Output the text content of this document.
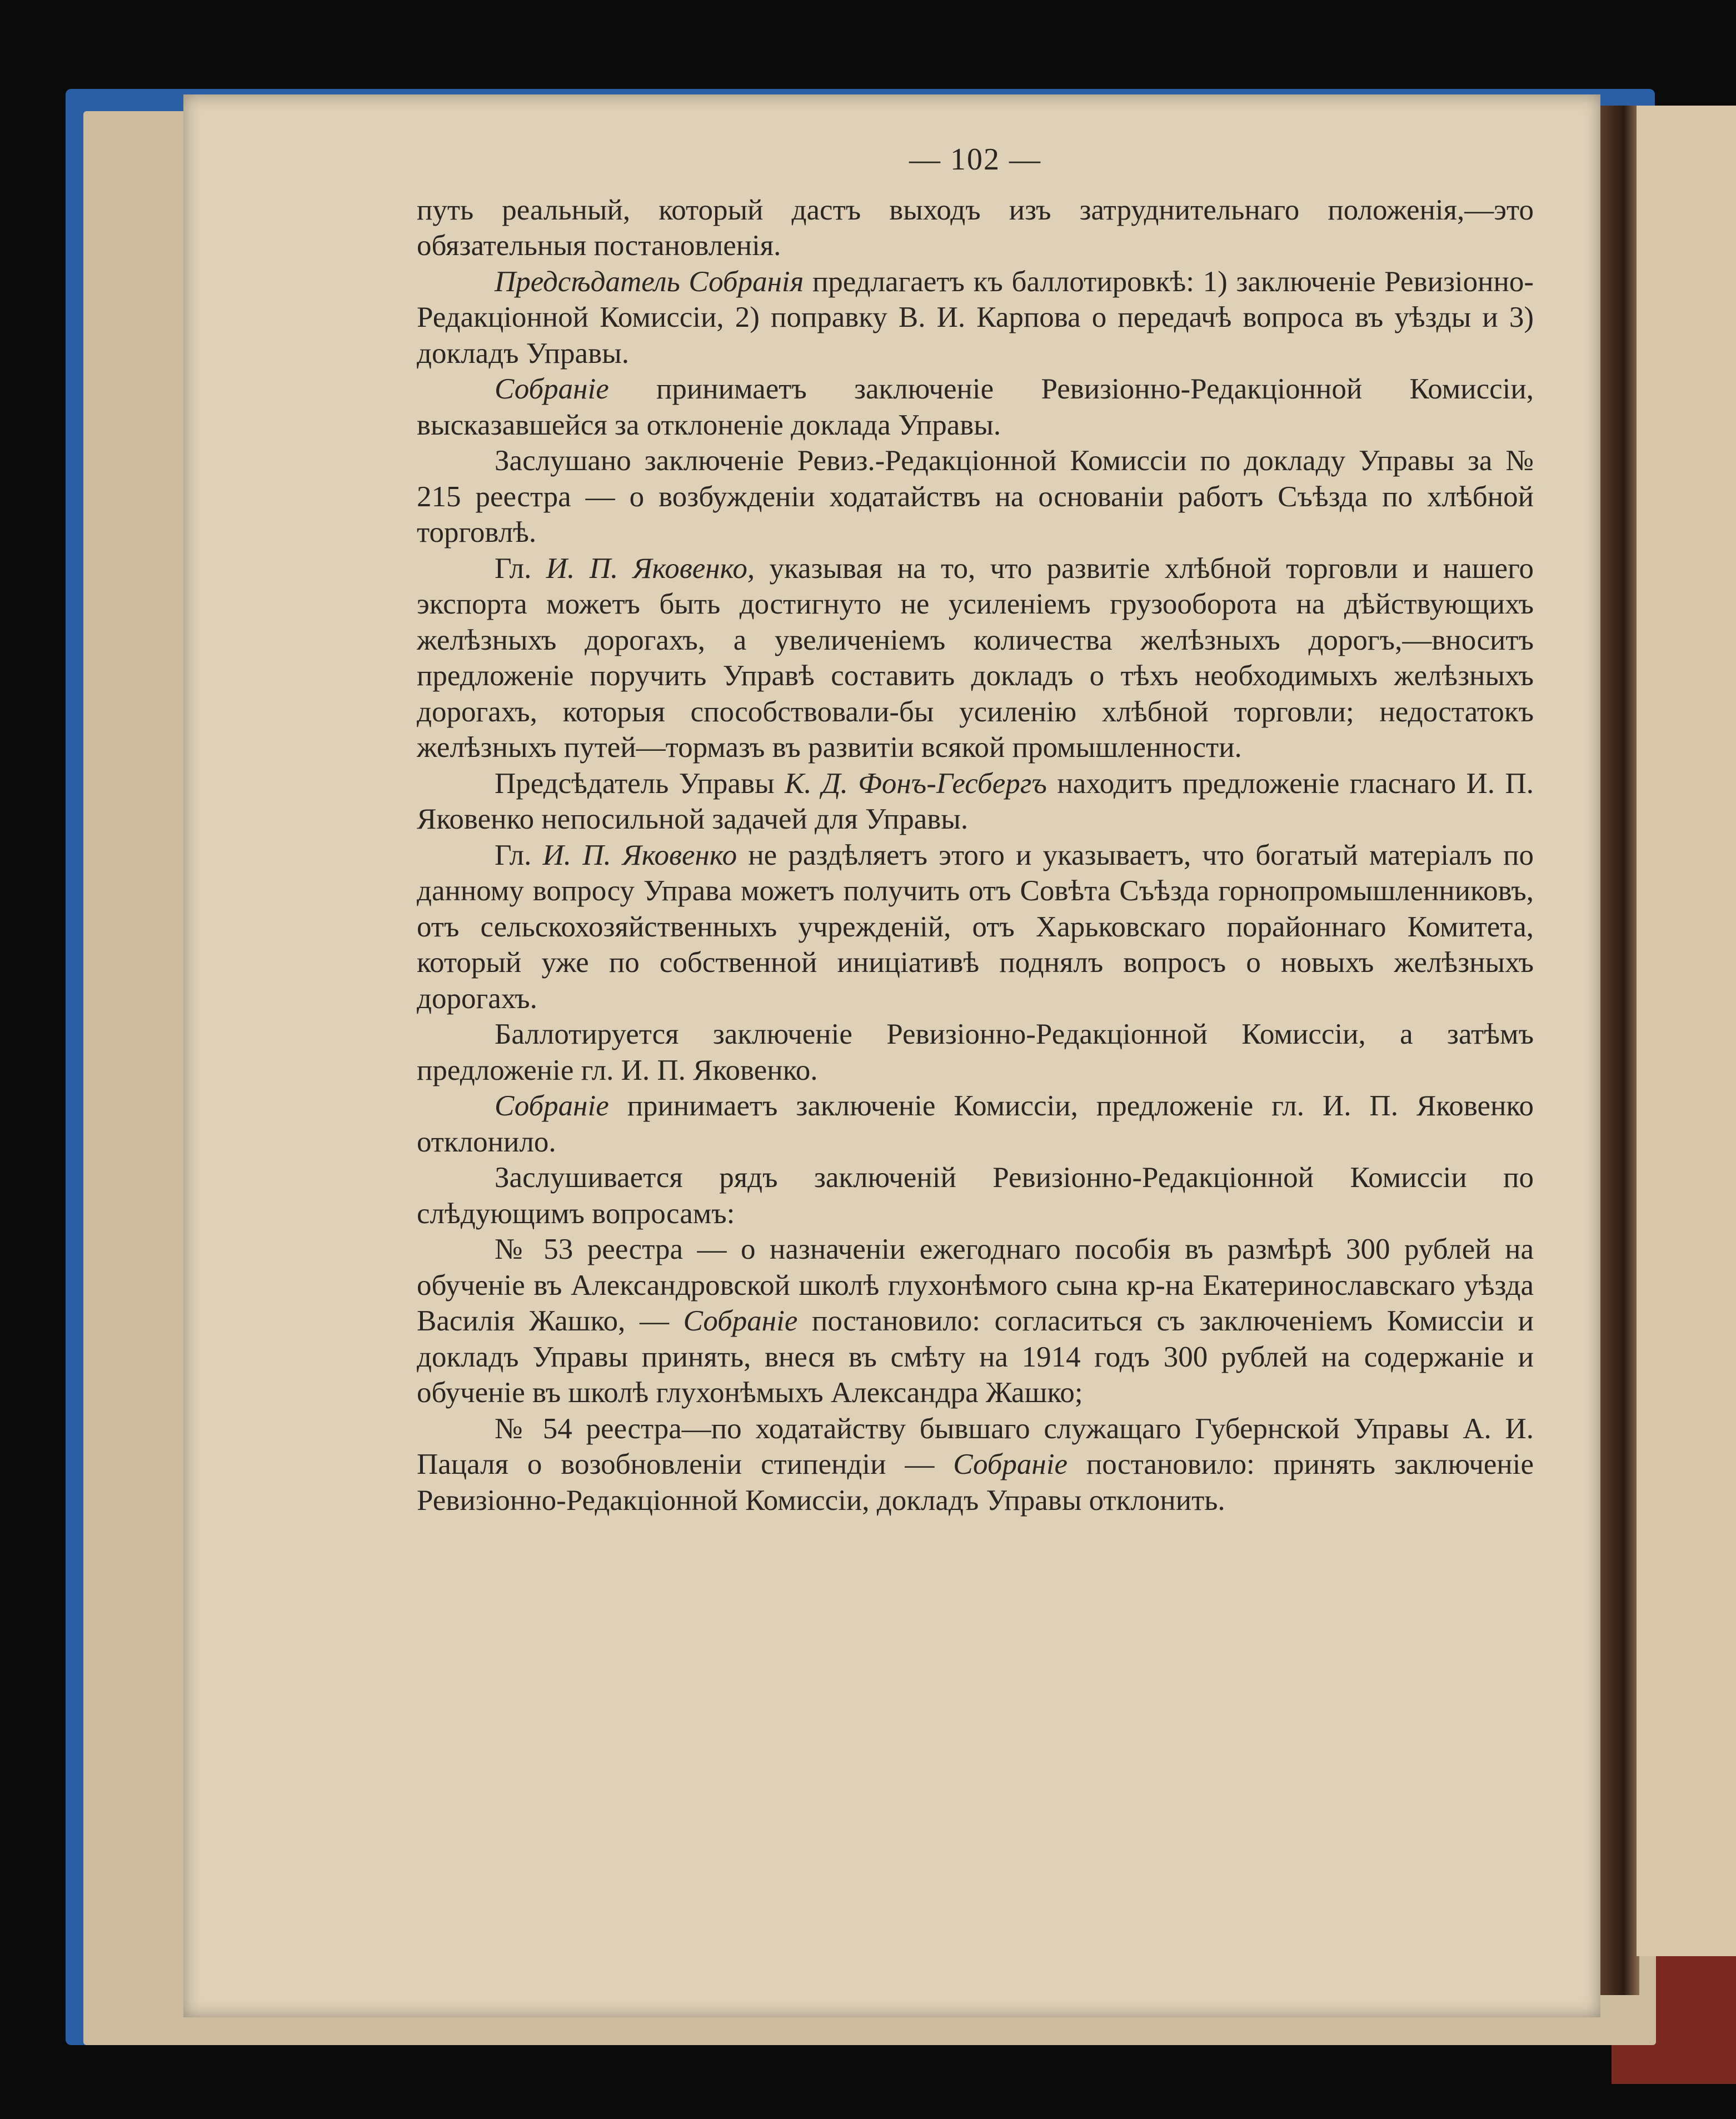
— 102 —

путь реальный, который дастъ выходъ изъ затруднительнаго положенія,—это обязательныя постановленія.

Предсѣдатель Собранія предлагаетъ къ баллотировкѣ: 1) заключеніе Ревизіонно-Редакціонной Комиссіи, 2) поправку В. И. Карпова о передачѣ вопроса въ уѣзды и 3) докладъ Управы.

Собраніе принимаетъ заключеніе Ревизіонно-Редакціонной Комиссіи, высказавшейся за отклоненіе доклада Управы.

Заслушано заключеніе Ревиз.-Редакціонной Комиссіи по докладу Управы за № 215 реестра — о возбужденіи ходатайствъ на основаніи работъ Съѣзда по хлѣбной торговлѣ.

Гл. И. П. Яковенко, указывая на то, что развитіе хлѣбной торговли и нашего экспорта можетъ быть достигнуто не усиленіемъ грузооборота на дѣйствующихъ желѣзныхъ дорогахъ, а увеличеніемъ количества желѣзныхъ дорогъ,—вноситъ предложеніе поручить Управѣ составить докладъ о тѣхъ необходимыхъ желѣзныхъ дорогахъ, которыя способствовали-бы усиленію хлѣбной торговли; недостатокъ желѣзныхъ путей—тормазъ въ развитіи всякой промышленности.

Предсѣдатель Управы К. Д. Фонъ-Гесбергъ находитъ предложеніе гласнаго И. П. Яковенко непосильной задачей для Управы.

Гл. И. П. Яковенко не раздѣляетъ этого и указываетъ, что богатый матеріалъ по данному вопросу Управа можетъ получить отъ Совѣта Съѣзда горнопромышленниковъ, отъ сельскохозяйственныхъ учрежденій, отъ Харьковскаго порайоннаго Комитета, который уже по собственной иниціативѣ поднялъ вопросъ о новыхъ желѣзныхъ дорогахъ.

Баллотируется заключеніе Ревизіонно-Редакціонной Комиссіи, а затѣмъ предложеніе гл. И. П. Яковенко.

Собраніе принимаетъ заключеніе Комиссіи, предложеніе гл. И. П. Яковенко отклонило.

Заслушивается рядъ заключеній Ревизіонно-Редакціонной Комиссіи по слѣдующимъ вопросамъ:

№ 53 реестра — о назначеніи ежегоднаго пособія въ размѣрѣ 300 рублей на обученіе въ Александровской школѣ глухонѣмого сына кр-на Екатеринославскаго уѣзда Василія Жашко, — Собраніе постановило: согласиться съ заключеніемъ Комиссіи и докладъ Управы принять, внеся въ смѣту на 1914 годъ 300 рублей на содержаніе и обученіе въ школѣ глухонѣмыхъ Александра Жашко;

№ 54 реестра—по ходатайству бывшаго служащаго Губернской Управы А. И. Пацаля о возобновленіи стипендіи — Собраніе постановило: принять заключеніе Ревизіонно-Редакціонной Комиссіи, докладъ Управы отклонить.
